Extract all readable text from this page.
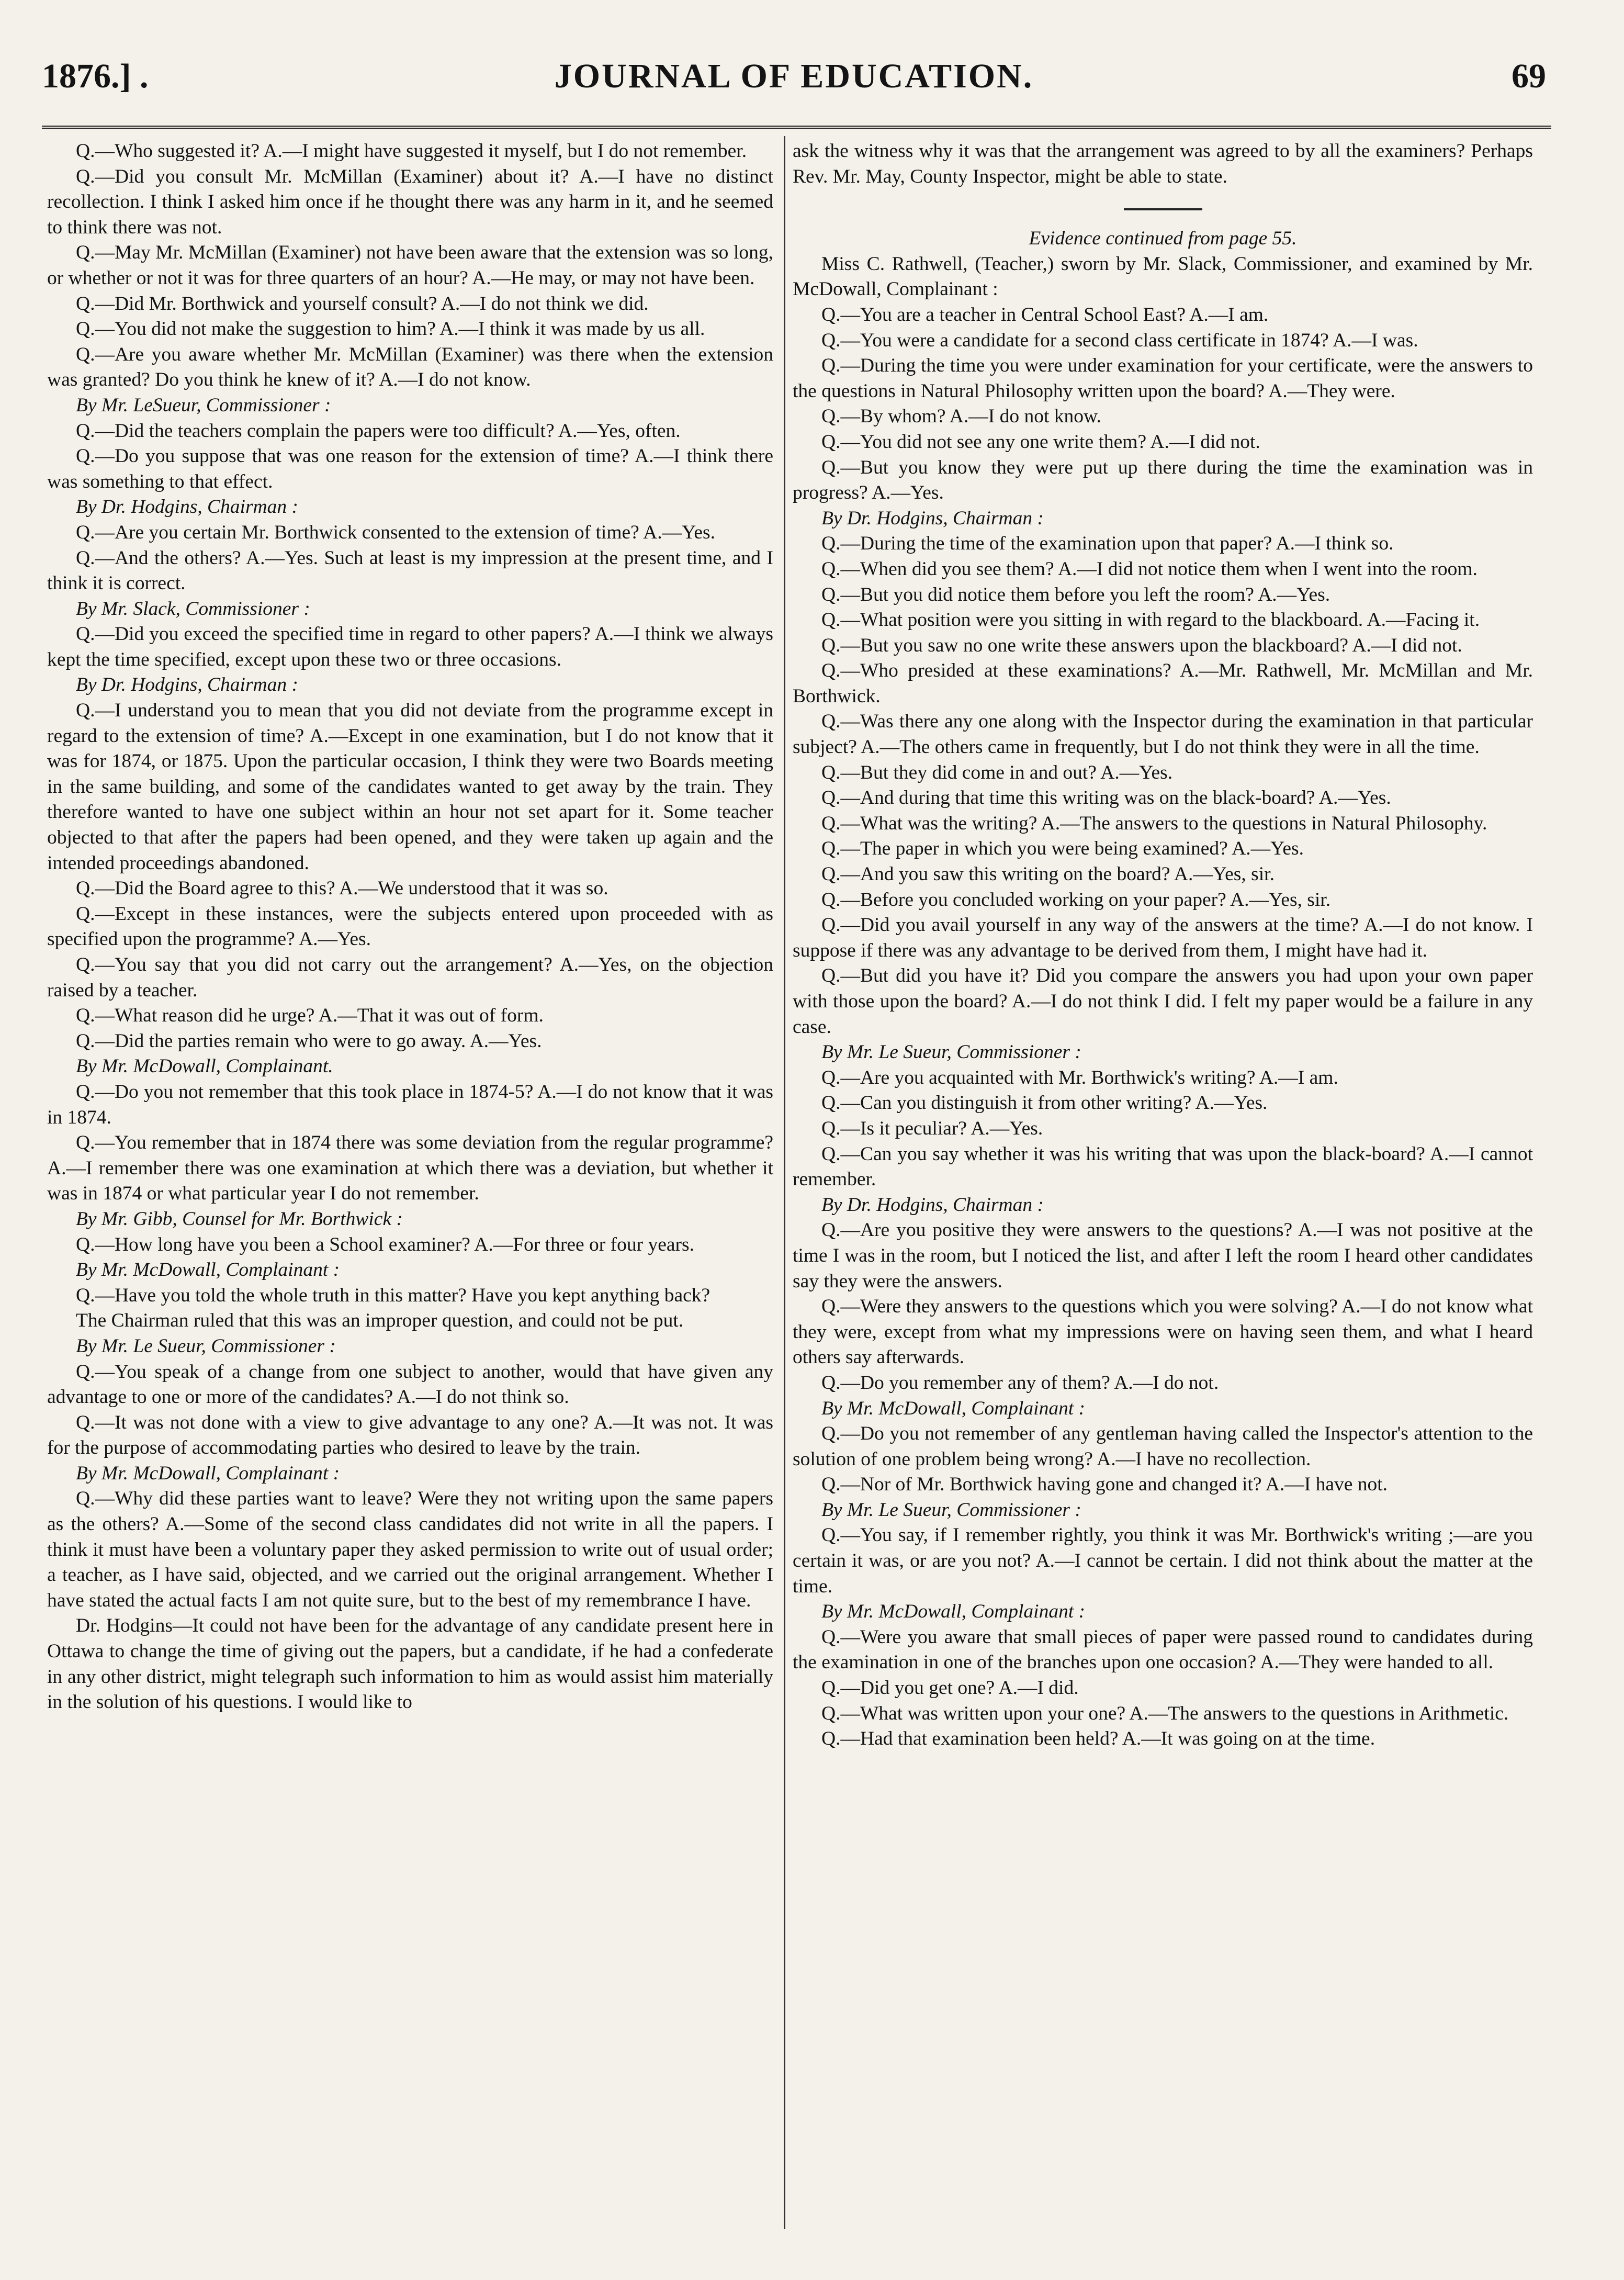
1876.] .	JOURNAL OF EDUCATION.	69

Q.—Who suggested it? A.—I might have suggested it myself, but I do not remember.

Q.—Did you consult Mr. McMillan (Examiner) about it? A.—I have no distinct recollection. I think I asked him once if he thought there was any harm in it, and he seemed to think there was not.

Q.—May Mr. McMillan (Examiner) not have been aware that the extension was so long, or whether or not it was for three quarters of an hour? A.—He may, or may not have been.

Q.—Did Mr. Borthwick and yourself consult? A.—I do not think we did.

Q.—You did not make the suggestion to him? A.—I think it was made by us all.

Q.—Are you aware whether Mr. McMillan (Examiner) was there when the extension was granted? Do you think he knew of it? A.—I do not know.

By Mr. LeSueur, Commissioner :

Q.—Did the teachers complain the papers were too difficult? A.—Yes, often.

Q.—Do you suppose that was one reason for the extension of time? A.—I think there was something to that effect.

By Dr. Hodgins, Chairman :

Q.—Are you certain Mr. Borthwick consented to the extension of time? A.—Yes.

Q.—And the others? A.—Yes. Such at least is my impression at the present time, and I think it is correct.

By Mr. Slack, Commissioner :

Q.—Did you exceed the specified time in regard to other papers? A.—I think we always kept the time specified, except upon these two or three occasions.

By Dr. Hodgins, Chairman :

Q.—I understand you to mean that you did not deviate from the programme except in regard to the extension of time? A.—Except in one examination, but I do not know that it was for 1874, or 1875. Upon the particular occasion, I think they were two Boards meeting in the same building, and some of the candidates wanted to get away by the train. They therefore wanted to have one subject within an hour not set apart for it. Some teacher objected to that after the papers had been opened, and they were taken up again and the intended proceedings abandoned.

Q.—Did the Board agree to this? A.—We understood that it was so.

Q.—Except in these instances, were the subjects entered upon proceeded with as specified upon the programme? A.—Yes.

Q.—You say that you did not carry out the arrangement? A.—Yes, on the objection raised by a teacher.

Q.—What reason did he urge? A.—That it was out of form.

Q.—Did the parties remain who were to go away. A.—Yes.

By Mr. McDowall, Complainant.

Q.—Do you not remember that this took place in 1874-5? A.—I do not know that it was in 1874.

Q.—You remember that in 1874 there was some deviation from the regular programme? A.—I remember there was one examination at which there was a deviation, but whether it was in 1874 or what particular year I do not remember.

By Mr. Gibb, Counsel for Mr. Borthwick :

Q.—How long have you been a School examiner? A.—For three or four years.

By Mr. McDowall, Complainant :

Q.—Have you told the whole truth in this matter? Have you kept anything back?

The Chairman ruled that this was an improper question, and could not be put.

By Mr. Le Sueur, Commissioner :

Q.—You speak of a change from one subject to another, would that have given any advantage to one or more of the candidates? A.—I do not think so.

Q.—It was not done with a view to give advantage to any one? A.—It was not. It was for the purpose of accommodating parties who desired to leave by the train.

By Mr. McDowall, Complainant :

Q.—Why did these parties want to leave? Were they not writing upon the same papers as the others? A.—Some of the second class candidates did not write in all the papers. I think it must have been a voluntary paper they asked permission to write out of usual order; a teacher, as I have said, objected, and we carried out the original arrangement. Whether I have stated the actual facts I am not quite sure, but to the best of my remembrance I have.

Dr. Hodgins—It could not have been for the advantage of any candidate present here in Ottawa to change the time of giving out the papers, but a candidate, if he had a confederate in any other district, might telegraph such information to him as would assist him materially in the solution of his questions. I would like to

ask the witness why it was that the arrangement was agreed to by all the examiners? Perhaps Rev. Mr. May, County Inspector, might be able to state.

Evidence continued from page 55.

Miss C. Rathwell, (Teacher,) sworn by Mr. Slack, Commissioner, and examined by Mr. McDowall, Complainant :

Q.—You are a teacher in Central School East? A.—I am.

Q.—You were a candidate for a second class certificate in 1874? A.—I was.

Q.—During the time you were under examination for your certificate, were the answers to the questions in Natural Philosophy written upon the board? A.—They were.

Q.—By whom? A.—I do not know.

Q.—You did not see any one write them? A.—I did not.

Q.—But you know they were put up there during the time the examination was in progress? A.—Yes.

By Dr. Hodgins, Chairman :

Q.—During the time of the examination upon that paper? A.—I think so.

Q.—When did you see them? A.—I did not notice them when I went into the room.

Q.—But you did notice them before you left the room? A.—Yes.

Q.—What position were you sitting in with regard to the blackboard. A.—Facing it.

Q.—But you saw no one write these answers upon the blackboard? A.—I did not.

Q.—Who presided at these examinations? A.—Mr. Rathwell, Mr. McMillan and Mr. Borthwick.

Q.—Was there any one along with the Inspector during the examination in that particular subject? A.—The others came in frequently, but I do not think they were in all the time.

Q.—But they did come in and out? A.—Yes.

Q.—And during that time this writing was on the black-board? A.—Yes.

Q.—What was the writing? A.—The answers to the questions in Natural Philosophy.

Q.—The paper in which you were being examined? A.—Yes.

Q.—And you saw this writing on the board? A.—Yes, sir.

Q.—Before you concluded working on your paper? A.—Yes, sir.

Q.—Did you avail yourself in any way of the answers at the time? A.—I do not know. I suppose if there was any advantage to be derived from them, I might have had it.

Q.—But did you have it? Did you compare the answers you had upon your own paper with those upon the board? A.—I do not think I did. I felt my paper would be a failure in any case.

By Mr. Le Sueur, Commissioner :

Q.—Are you acquainted with Mr. Borthwick's writing? A.—I am.

Q.—Can you distinguish it from other writing? A.—Yes.

Q.—Is it peculiar? A.—Yes.

Q.—Can you say whether it was his writing that was upon the black-board? A.—I cannot remember.

By Dr. Hodgins, Chairman :

Q.—Are you positive they were answers to the questions? A.—I was not positive at the time I was in the room, but I noticed the list, and after I left the room I heard other candidates say they were the answers.

Q.—Were they answers to the questions which you were solving? A.—I do not know what they were, except from what my impressions were on having seen them, and what I heard others say afterwards.

Q.—Do you remember any of them? A.—I do not.

By Mr. McDowall, Complainant :

Q.—Do you not remember of any gentleman having called the Inspector's attention to the solution of one problem being wrong? A.—I have no recollection.

Q.—Nor of Mr. Borthwick having gone and changed it? A.—I have not.

By Mr. Le Sueur, Commissioner :

Q.—You say, if I remember rightly, you think it was Mr. Borthwick's writing ;—are you certain it was, or are you not? A.—I cannot be certain. I did not think about the matter at the time.

By Mr. McDowall, Complainant :

Q.—Were you aware that small pieces of paper were passed round to candidates during the examination in one of the branches upon one occasion? A.—They were handed to all.

Q.—Did you get one? A.—I did.

Q.—What was written upon your one? A.—The answers to the questions in Arithmetic.

Q.—Had that examination been held? A.—It was going on at the time.
